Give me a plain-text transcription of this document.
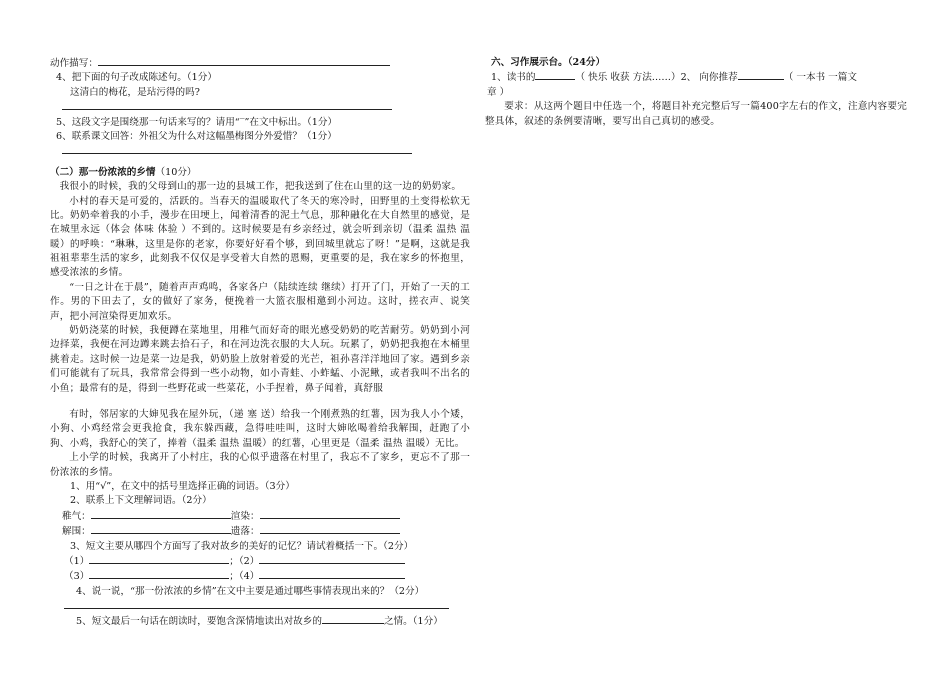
动作描写：
4、把下面的句子改成陈述句。（1分）
这清白的梅花，是玷污得的吗?
5、这段文字是围绕那一句话来写的？请用“‾”在文中标出。（1分）
6、联系课文回答：外祖父为什么对这幅墨梅图分外爱惜？（1分）
（二）那一份浓浓的乡情（10分）

我很小的时候，我的父母到山的那一边的县城工作，把我送到了住在山里的这一边的奶奶家。

小村的春天是可爱的，活跃的。当春天的温暖取代了冬天的寒冷时，田野里的土变得松软无比。奶奶牵着我的小手，漫步在田埂上，闻着清香的泥土气息，那种融化在大自然里的感觉，是在城里永远（体会 体味 体验 ）不到的。这时候要是有乡亲经过，就会听到亲切（温柔 温热 温暖）的呼唤：“琳琳，这里是你的老家，你要好好看个够，到回城里就忘了呀！”是啊，这就是我祖祖辈辈生活的家乡，此刻我不仅仅是享受着大自然的恩赐，更重要的是，我在家乡的怀抱里，感受浓浓的乡情。

“一日之计在于晨”，随着声声鸡鸣，各家各户（陆续连续 继续）打开了门，开始了一天的工作。男的下田去了，女的做好了家务，便挽着一大篮衣服相邀到小河边。这时，搓衣声、说笑声，把小河渲染得更加欢乐。

奶奶浇菜的时候，我便蹲在菜地里，用稚气而好奇的眼光感受奶奶的吃苦耐劳。奶奶到小河边择菜，我便在河边蹲来跳去拾石子，和在河边洗衣服的大人玩。玩累了，奶奶把我抱在木桶里挑着走。这时候一边是菜一边是我，奶奶脸上放射着爱的光芒，祖孙喜洋洋地回了家。遇到乡亲们可能就有了玩具，我常常会得到一些小动物，如小青蛙、小蚱蜢、小泥鳅，或者我叫不出名的小鱼；最常有的是，得到一些野花或一些菜花，小手捏着，鼻子闻着，真舒服

有时，邻居家的大婶见我在屋外玩，（递 塞 送）给我一个刚煮熟的红薯，因为我人小个矮，小狗、小鸡经常会更我抢食，我东躲西藏，急得哇哇叫，这时大婶吆喝着给我解围，赶跑了小狗、小鸡，我舒心的笑了，捧着（温柔 温热 温暖）的红薯，心里更是（温柔 温热 温暖）无比。

上小学的时候，我离开了小村庄，我的心似乎遗落在村里了，我忘不了家乡，更忘不了那一份浓浓的乡情。

1、用“√”，在文中的括号里选择正确的词语。（3分）
2、联系上下文理解词语。（2分）
稚气：	渲染：
解围：	遗落：
3、短文主要从哪四个方面写了我对故乡的美好的记忆？请试着概括一下。（2分）
（1）	；（2）
（3）	；（4）
4、说一说，“那一份浓浓的乡情”在文中主要是通过哪些事情表现出来的？（2分）
5、短文最后一句话在朗读时，要饱含深情地读出对故乡的	之情。（1分）
六、习作展示台。（24分）
1、读书的	（ 快乐 收获 方法……）2、 向你推荐	（ 一本书 一篇文
章 ）
要求：从这两个题目中任选一个，将题目补充完整后写一篇400字左右的作文，注意内容要完整具体，叙述的条例要清晰，要写出自己真切的感受。
